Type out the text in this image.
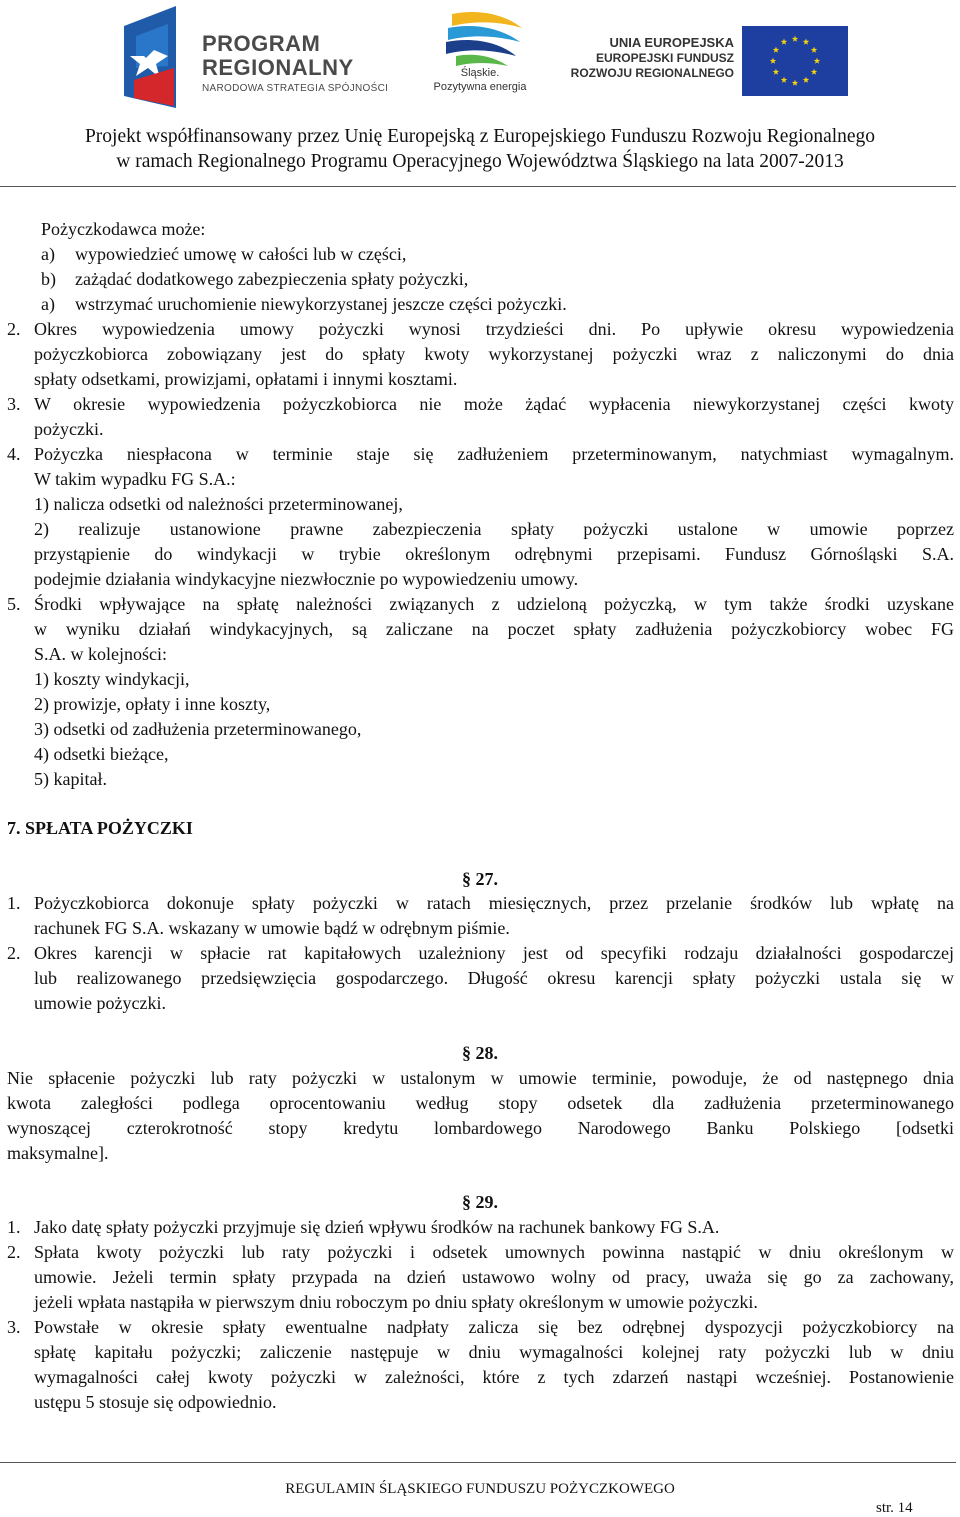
PROGRAM
REGIONALNY
NARODOWA STRATEGIA SPÓJNOŚCI
Śląskie.
Pozytywna energia
UNIA EUROPEJSKA
EUROPEJSKI FUNDUSZ
ROZWOJU REGIONALNEGO
Projekt współfinansowany przez Unię Europejską z Europejskiego Funduszu Rozwoju Regionalnego
w ramach Regionalnego Programu Operacyjnego Województwa Śląskiego na lata 2007-2013
Pożyczkodawca może:
a) wypowiedzieć umowę w całości lub w części,
b) zażądać dodatkowego zabezpieczenia spłaty pożyczki,
a) wstrzymać uruchomienie niewykorzystanej jeszcze części pożyczki.
2. Okres wypowiedzenia umowy pożyczki wynosi trzydzieści dni. Po upływie okresu wypowiedzenia
pożyczkobiorca zobowiązany jest do spłaty kwoty wykorzystanej pożyczki wraz z naliczonymi do dnia
spłaty odsetkami, prowizjami, opłatami i innymi kosztami.
3. W okresie wypowiedzenia pożyczkobiorca nie może żądać wypłacenia niewykorzystanej części kwoty
pożyczki.
4. Pożyczka niespłacona w terminie staje się zadłużeniem przeterminowanym, natychmiast wymagalnym.
W takim wypadku FG S.A.:
1) nalicza odsetki od należności przeterminowanej,
2) realizuje ustanowione prawne zabezpieczenia spłaty pożyczki ustalone w umowie poprzez
przystąpienie do windykacji w trybie określonym odrębnymi przepisami. Fundusz Górnośląski S.A.
podejmie działania windykacyjne niezwłocznie po wypowiedzeniu umowy.
5. Środki wpływające na spłatę należności związanych z udzieloną pożyczką, w tym także środki uzyskane
w wyniku działań windykacyjnych, są zaliczane na poczet spłaty zadłużenia pożyczkobiorcy wobec FG
S.A. w kolejności:
1) koszty windykacji,
2) prowizje, opłaty i inne koszty,
3) odsetki od zadłużenia przeterminowanego,
4) odsetki bieżące,
5) kapitał.
7. SPŁATA POŻYCZKI
§ 27.
1. Pożyczkobiorca dokonuje spłaty pożyczki w ratach miesięcznych, przez przelanie środków lub wpłatę na
rachunek FG S.A. wskazany w umowie bądź w odrębnym piśmie.
2. Okres karencji w spłacie rat kapitałowych uzależniony jest od specyfiki rodzaju działalności gospodarczej
lub realizowanego przedsięwzięcia gospodarczego. Długość okresu karencji spłaty pożyczki ustala się w
umowie pożyczki.
§ 28.
Nie spłacenie pożyczki lub raty pożyczki w ustalonym w umowie terminie, powoduje, że od następnego dnia
kwota zaległości podlega oprocentowaniu według stopy odsetek dla zadłużenia przeterminowanego
wynoszącej czterokrotność stopy kredytu lombardowego Narodowego Banku Polskiego [odsetki
maksymalne].
§ 29.
1. Jako datę spłaty pożyczki przyjmuje się dzień wpływu środków na rachunek bankowy FG S.A.
2. Spłata kwoty pożyczki lub raty pożyczki i odsetek umownych powinna nastąpić w dniu określonym w
umowie. Jeżeli termin spłaty przypada na dzień ustawowo wolny od pracy, uważa się go za zachowany,
jeżeli wpłata nastąpiła w pierwszym dniu roboczym po dniu spłaty określonym w umowie pożyczki.
3. Powstałe w okresie spłaty ewentualne nadpłaty zalicza się bez odrębnej dyspozycji pożyczkobiorcy na
spłatę kapitału pożyczki; zaliczenie następuje w dniu wymagalności kolejnej raty pożyczki lub w dniu
wymagalności całej kwoty pożyczki w zależności, które z tych zdarzeń nastąpi wcześniej. Postanowienie
ustępu 5 stosuje się odpowiednio.
REGULAMIN ŚLĄSKIEGO FUNDUSZU POŻYCZKOWEGO
str. 14
